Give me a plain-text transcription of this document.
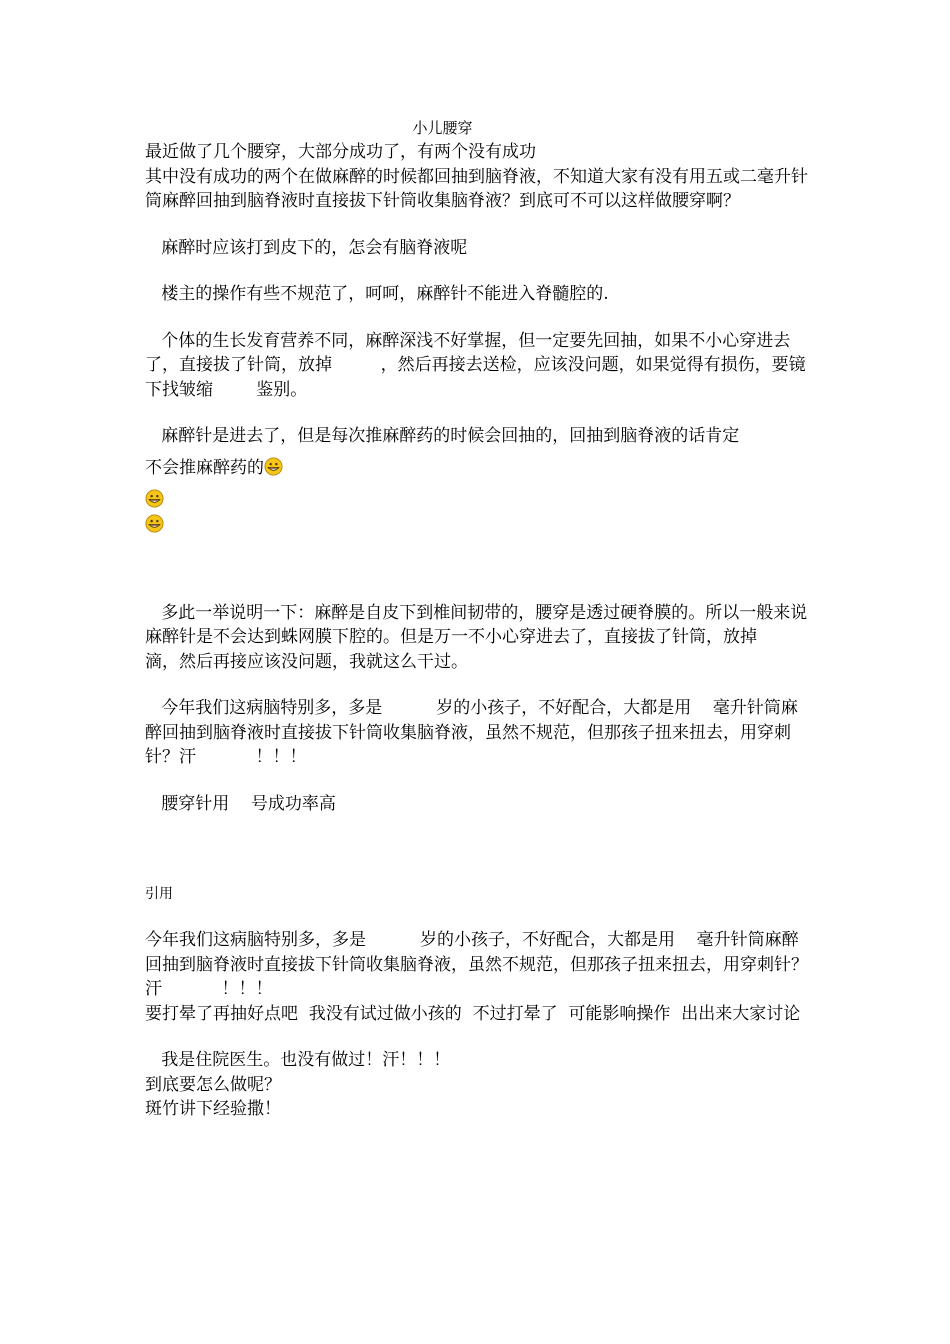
小儿腰穿

最近做了几个腰穿，大部分成功了，有两个没有成功
其中没有成功的两个在做麻醉的时候都回抽到脑脊液，不知道大家有没有用五或二毫升针筒麻醉回抽到脑脊液时直接拔下针筒收集脑脊液？到底可不可以这样做腰穿啊？

麻醉时应该打到皮下的，怎会有脑脊液呢

楼主的操作有些不规范了，呵呵，麻醉针不能进入脊髓腔的.

个体的生长发育营养不同，麻醉深浅不好掌握，但一定要先回抽，如果不小心穿进去了，直接拔了针筒，放掉         ，然后再接去送检，应该没问题，如果觉得有损伤，要镜下找皱缩        鉴别。

麻醉针是进去了，但是每次推麻醉药的时候会回抽的，回抽到脑脊液的话肯定

不会推麻醉药的

多此一举说明一下：麻醉是自皮下到椎间韧带的，腰穿是透过硬脊膜的。所以一般来说麻醉针是不会达到蛛网膜下腔的。但是万一不小心穿进去了，直接拔了针筒，放掉        滴，然后再接应该没问题，我就这么干过。

今年我们这病脑特别多，多是          岁的小孩子，不好配合，大都是用    毫升针筒麻醉回抽到脑脊液时直接拔下针筒收集脑脊液，虽然不规范，但那孩子扭来扭去，用穿刺针？汗           ！！！

腰穿针用    号成功率高

引用

今年我们这病脑特别多，多是          岁的小孩子，不好配合，大都是用    毫升针筒麻醉回抽到脑脊液时直接拔下针筒收集脑脊液，虽然不规范，但那孩子扭来扭去，用穿刺针？汗           ！！！
要打晕了再抽好点吧  我没有试过做小孩的  不过打晕了  可能影响操作  出出来大家讨论

我是住院医生。也没有做过！汗！！！
到底要怎么做呢？
斑竹讲下经验撒！
